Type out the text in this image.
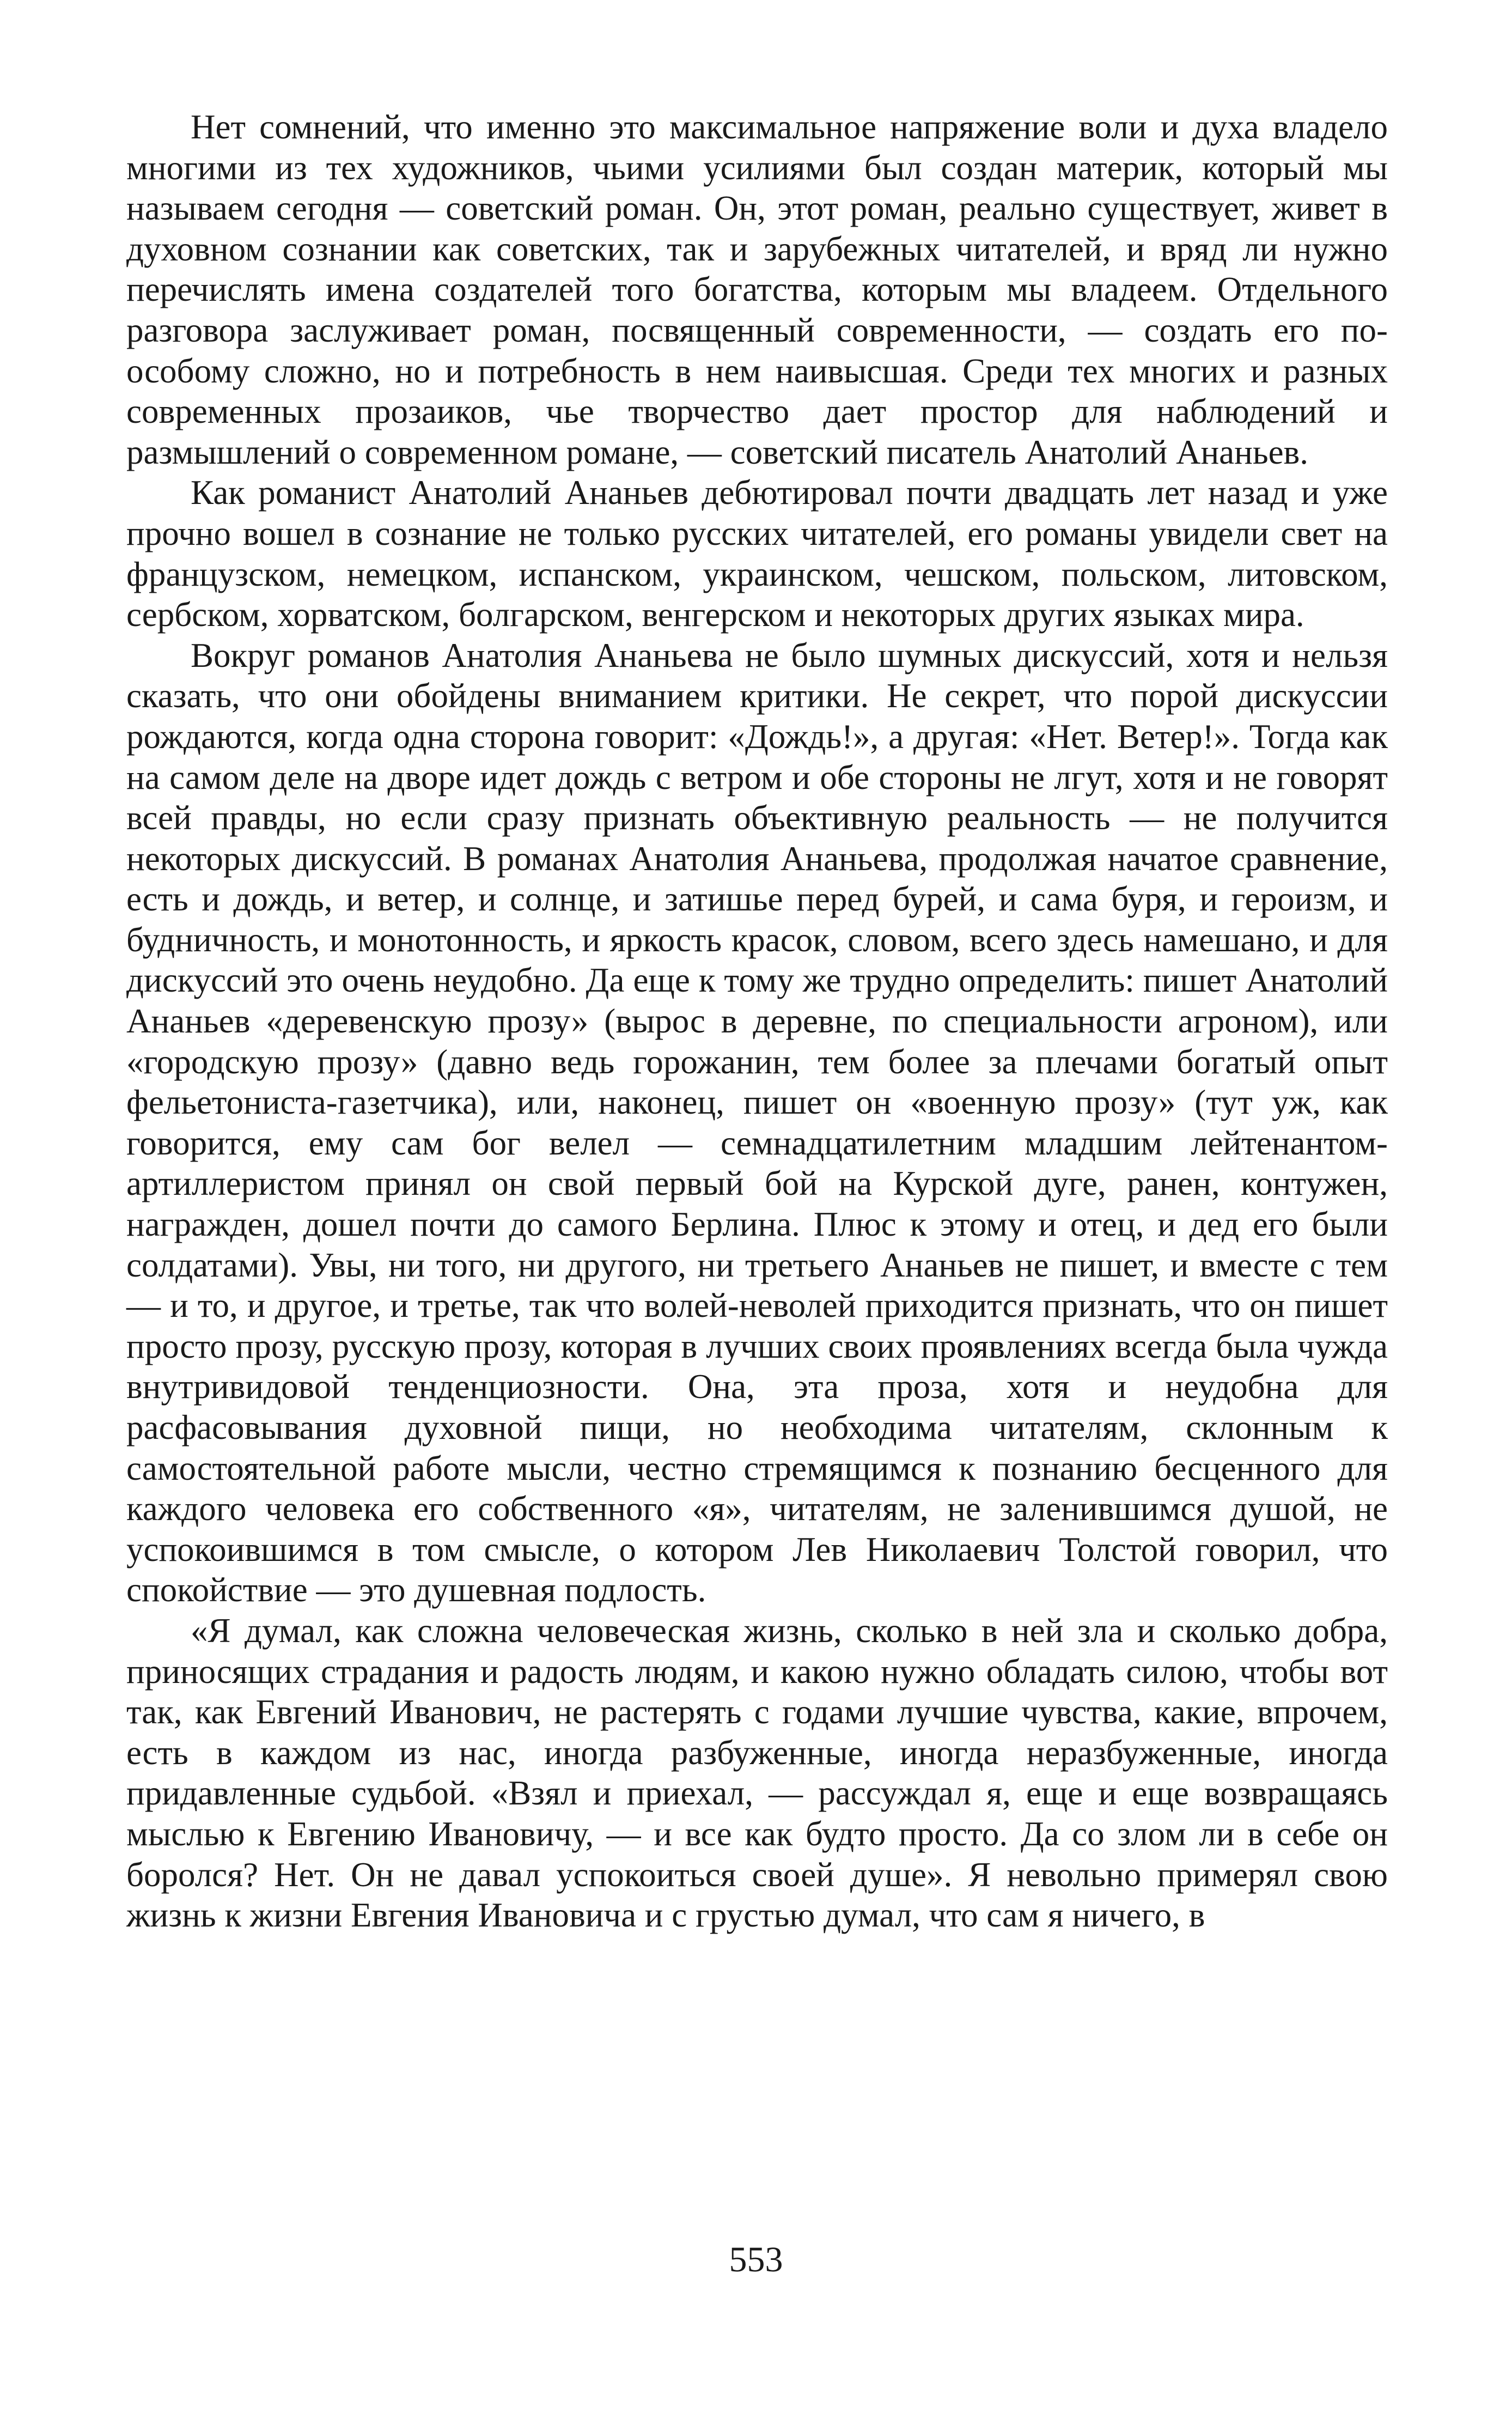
Нет сомнений, что именно это максимальное напряжение воли и духа владело многими из тех художников, чьими усилиями был создан материк, который мы называем сегодня — советский роман. Он, этот роман, реально существует, живет в духовном сознании как советских, так и зарубежных читателей, и вряд ли нужно перечислять имена создателей того богатства, которым мы владеем. Отдельного разговора заслуживает роман, посвященный современности, — создать его по-особому сложно, но и потребность в нем наивысшая. Среди тех многих и разных современных прозаиков, чье творчество дает простор для наблюдений и размышлений о современном романе, — советский писатель Анатолий Ананьев.

Как романист Анатолий Ананьев дебютировал почти двадцать лет назад и уже прочно вошел в сознание не только русских читателей, его романы увидели свет на французском, немецком, испанском, украинском, чешском, польском, литовском, сербском, хорватском, болгарском, венгерском и некоторых других языках мира.

Вокруг романов Анатолия Ананьева не было шумных дискуссий, хотя и нельзя сказать, что они обойдены вниманием критики. Не секрет, что порой дискуссии рождаются, когда одна сторона говорит: «Дождь!», а другая: «Нет. Ветер!». Тогда как на самом деле на дворе идет дождь с ветром и обе стороны не лгут, хотя и не говорят всей правды, но если сразу признать объективную реальность — не получится некоторых дискуссий. В романах Анатолия Ананьева, продолжая начатое сравнение, есть и дождь, и ветер, и солнце, и затишье перед бурей, и сама буря, и героизм, и будничность, и монотонность, и яркость красок, словом, всего здесь намешано, и для дискуссий это очень неудобно. Да еще к тому же трудно определить: пишет Анатолий Ананьев «деревенскую прозу» (вырос в деревне, по специальности агроном), или «городскую прозу» (давно ведь горожанин, тем более за плечами богатый опыт фельетониста-газетчика), или, наконец, пишет он «военную прозу» (тут уж, как говорится, ему сам бог велел — семнадцатилетним младшим лейтенантом-артиллеристом принял он свой первый бой на Курской дуге, ранен, контужен, награжден, дошел почти до самого Берлина. Плюс к этому и отец, и дед его были солдатами). Увы, ни того, ни другого, ни третьего Ананьев не пишет, и вместе с тем — и то, и другое, и третье, так что волей-неволей приходится признать, что он пишет просто прозу, русскую прозу, которая в лучших своих проявлениях всегда была чужда внутривидовой тенденциозности. Она, эта проза, хотя и неудобна для расфасовывания духовной пищи, но необходима читателям, склонным к самостоятельной работе мысли, честно стремящимся к познанию бесценного для каждого человека его собственного «я», читателям, не заленившимся душой, не успокоившимся в том смысле, о котором Лев Николаевич Толстой говорил, что спокойствие — это душевная подлость.

«Я думал, как сложна человеческая жизнь, сколько в ней зла и сколько добра, приносящих страдания и радость людям, и какою нужно обладать силою, чтобы вот так, как Евгений Иванович, не растерять с годами лучшие чувства, какие, впрочем, есть в каждом из нас, иногда разбуженные, иногда неразбуженные, иногда придавленные судьбой. «Взял и приехал, — рассуждал я, еще и еще возвращаясь мыслью к Евгению Ивановичу, — и все как будто просто. Да со злом ли в себе он боролся? Нет. Он не давал успокоиться своей душе». Я невольно примерял свою жизнь к жизни Евгения Ивановича и с грустью думал, что сам я ничего, в

553
